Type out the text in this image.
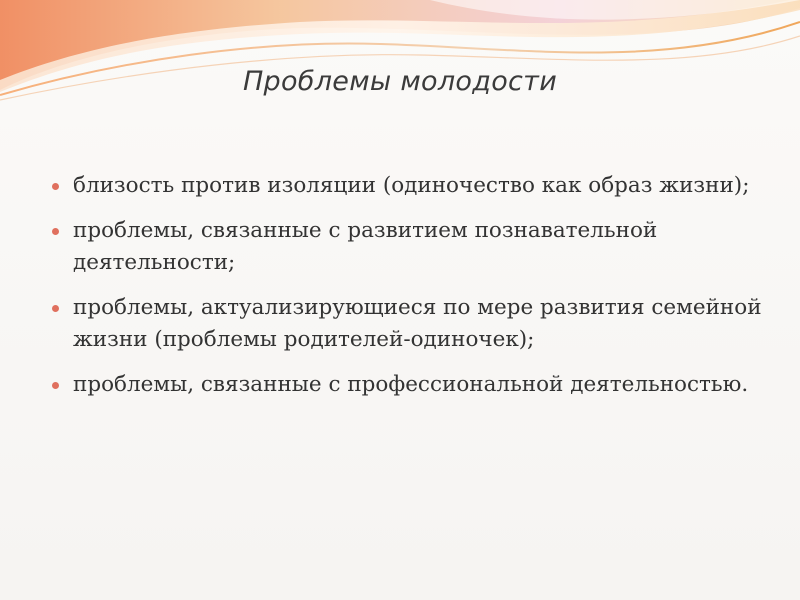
Проблемы молодости
близость против изоляции (одиночество как образ жизни);
проблемы, связанные с развитием познавательной деятельности;
проблемы, актуализирующиеся по мере развития семейной жизни (проблемы родителей-одиночек);
проблемы, связанные с профессиональной деятельностью.
